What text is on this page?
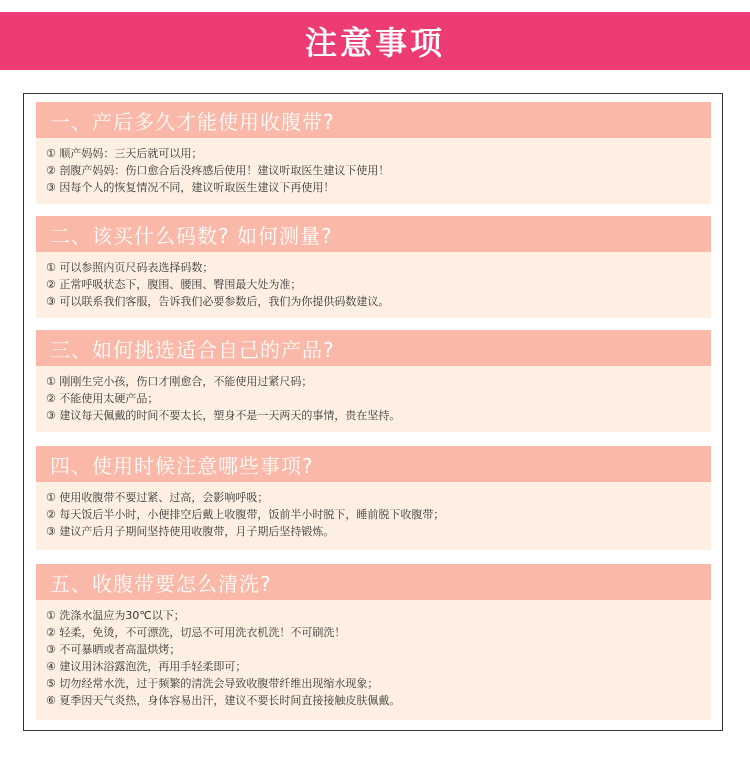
注意事项
一、产后多久才能使用收腹带?
① 顺产妈妈：三天后就可以用；
② 剖腹产妈妈：伤口愈合后没疼感后使用！建议听取医生建议下使用！
③ 因每个人的恢复情况不同，建议听取医生建议下再使用！
二、该买什么码数? 如何测量?
① 可以参照内页尺码表选择码数；
② 正常呼吸状态下，腹围、腰围、臀围最大处为准；
③ 可以联系我们客服，告诉我们必要参数后，我们为你提供码数建议。
三、如何挑选适合自己的产品?
① 刚刚生完小孩，伤口才刚愈合，不能使用过紧尺码；
② 不能使用太硬产品；
③ 建议每天佩戴的时间不要太长，塑身不是一天两天的事情，贵在坚持。
四、使用时候注意哪些事项?
① 使用收腹带不要过紧、过高，会影响呼吸；
② 每天饭后半小时，小便排空后戴上收腹带，饭前半小时脱下，睡前脱下收腹带；
③ 建议产后月子期间坚持使用收腹带，月子期后坚持锻炼。
五、收腹带要怎么清洗?
① 洗涤水温应为30℃以下；
② 轻柔，免烫，不可漂洗，切忌不可用洗衣机洗！不可刷洗！
③ 不可暴晒或者高温烘烤；
④ 建议用沐浴露泡洗，再用手轻柔即可；
⑤ 切勿经常水洗，过于频繁的清洗会导致收腹带纤维出现缩水现象；
⑥ 夏季因天气炎热，身体容易出汗，建议不要长时间直接接触皮肤佩戴。
